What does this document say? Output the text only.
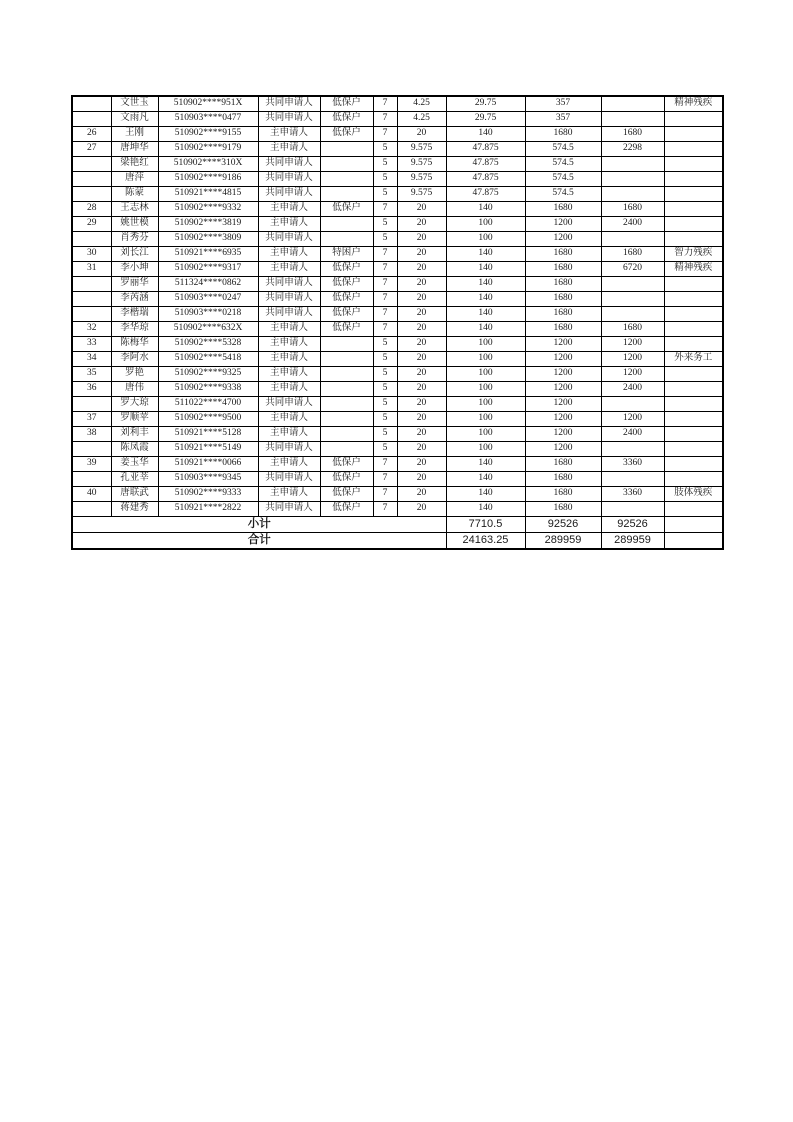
	文世玉	510902****951X	共同申请人	低保户	7	4.25	29.75	357		精神残疾
	文雨凡	510903****0477	共同申请人	低保户	7	4.25	29.75	357		
26	王刚	510902****9155	主申请人	低保户	7	20	140	1680	1680	
27	唐坤华	510902****9179	主申请人		5	9.575	47.875	574.5	2298	
	梁艳红	510902****310X	共同申请人		5	9.575	47.875	574.5		
	唐萍	510902****9186	共同申请人		5	9.575	47.875	574.5		
	陈蒙	510921****4815	共同申请人		5	9.575	47.875	574.5		
28	王志林	510902****9332	主申请人	低保户	7	20	140	1680	1680	
29	姚世模	510902****3819	主申请人		5	20	100	1200	2400	
	肖秀芬	510902****3809	共同申请人		5	20	100	1200		
30	刘长江	510921****6935	主申请人	特困户	7	20	140	1680	1680	智力残疾
31	李小坤	510902****9317	主申请人	低保户	7	20	140	1680	6720	精神残疾
	罗丽华	511324****0862	共同申请人	低保户	7	20	140	1680		
	李芮涵	510903****0247	共同申请人	低保户	7	20	140	1680		
	李楷瑞	510903****0218	共同申请人	低保户	7	20	140	1680		
32	李华琼	510902****632X	主申请人	低保户	7	20	140	1680	1680	
33	陈梅华	510902****5328	主申请人		5	20	100	1200	1200	
34	李阿水	510902****5418	主申请人		5	20	100	1200	1200	外来务工
35	罗艳	510902****9325	主申请人		5	20	100	1200	1200	
36	唐伟	510902****9338	主申请人		5	20	100	1200	2400	
	罗大琼	511022****4700	共同申请人		5	20	100	1200		
37	罗顺苹	510902****9500	主申请人		5	20	100	1200	1200	
38	刘利丰	510921****5128	主申请人		5	20	100	1200	2400	
	陈凤霞	510921****5149	共同申请人		5	20	100	1200		
39	姜玉华	510921****0066	主申请人	低保户	7	20	140	1680	3360	
	孔亚莘	510903****9345	共同申请人	低保户	7	20	140	1680		
40	唐联武	510902****9333	主申请人	低保户	7	20	140	1680	3360	肢体残疾
	蒋建秀	510921****2822	共同申请人	低保户	7	20	140	1680		
小计							7710.5	92526	92526	
合计							24163.25	289959	289959	
